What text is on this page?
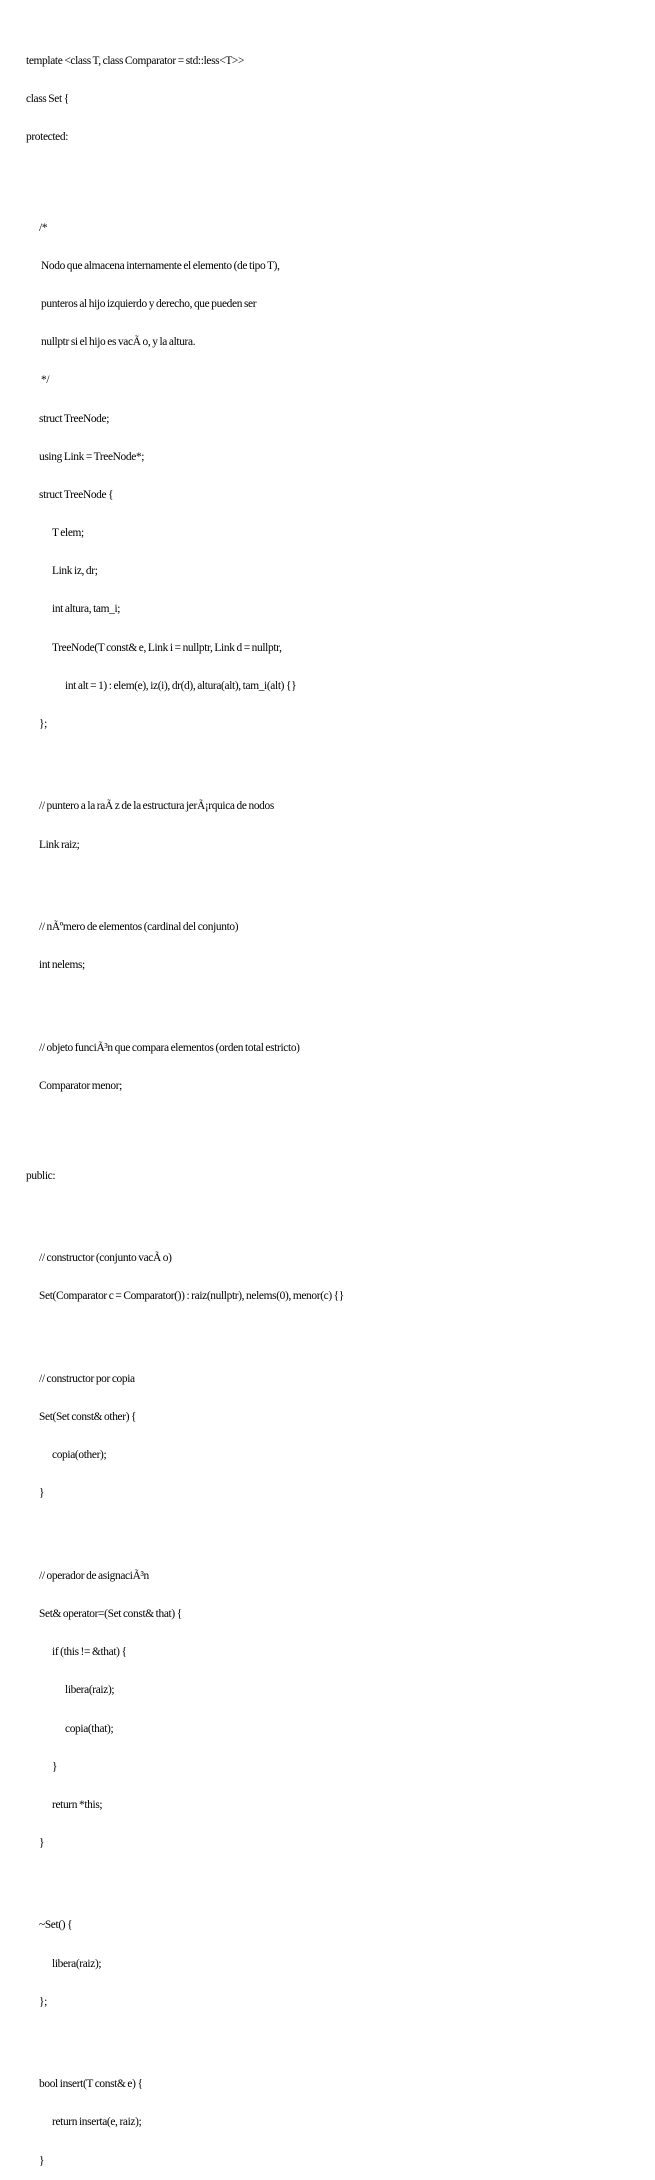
template <class T, class Comparator = std::less<T>>

class Set {

protected:

/*

Nodo que almacena internamente el elemento (de tipo T),

punteros al hijo izquierdo y derecho, que pueden ser

nullptr si el hijo es vacÃ o, y la altura.

*/

struct TreeNode;

using Link = TreeNode*;

struct TreeNode {

T elem;

Link iz, dr;

int altura, tam_i;

TreeNode(T const& e, Link i = nullptr, Link d = nullptr,

int alt = 1) : elem(e), iz(i), dr(d), altura(alt), tam_i(alt) {}

};

// puntero a la raÃ z de la estructura jerÃ¡rquica de nodos

Link raiz;

// nÃºmero de elementos (cardinal del conjunto)

int nelems;

// objeto funciÃ³n que compara elementos (orden total estricto)

Comparator menor;

public:

// constructor (conjunto vacÃ o)

Set(Comparator c = Comparator()) : raiz(nullptr), nelems(0), menor(c) {}

// constructor por copia

Set(Set const& other) {

copia(other);

}

// operador de asignaciÃ³n

Set& operator=(Set const& that) {

if (this != &that) {

libera(raiz);

copia(that);

}

return *this;

}

~Set() {

libera(raiz);

};

bool insert(T const& e) {

return inserta(e, raiz);

}
